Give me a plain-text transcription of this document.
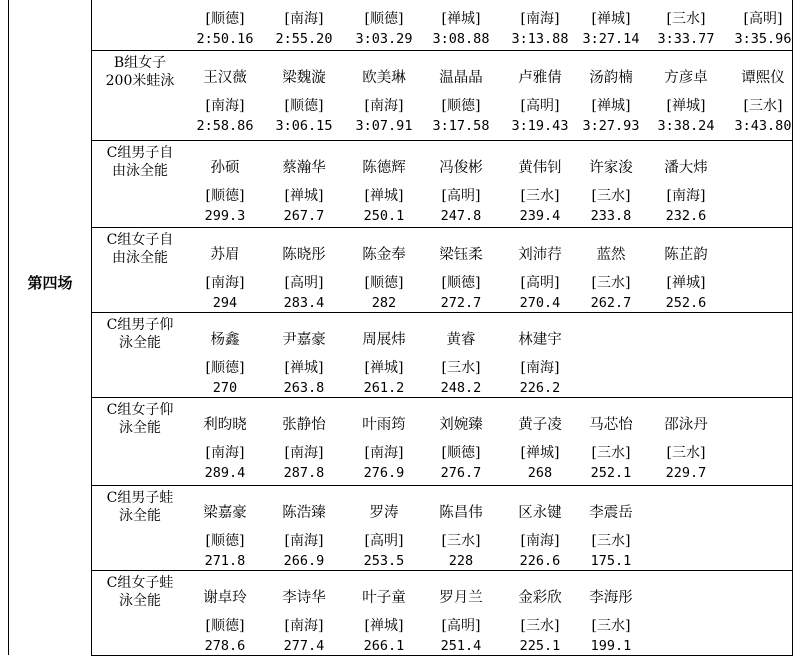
第四场
[顺德]	[南海]	[顺德]	[禅城]	[南海]	[禅城]	[三水]	[高明]
2:50.16	2:55.20	3:03.29	3:08.88	3:13.88	3:27.14	3:33.77	3:35.96
B组女子
200米蛙泳	王汉薇	梁魏漩	欧美琳	温晶晶	卢雅倩	汤韵楠	方彦卓	谭熙仪
[南海]	[顺德]	[南海]	[顺德]	[高明]	[禅城]	[禅城]	[三水]
2:58.86	3:06.15	3:07.91	3:17.58	3:19.43	3:27.93	3:38.24	3:43.80
C组男子自
由泳全能	孙硕	蔡瀚华	陈德辉	冯俊彬	黄伟钊	许家浚	潘大炜
[顺德]	[禅城]	[禅城]	[高明]	[三水]	[三水]	[南海]
299.3	267.7	250.1	247.8	239.4	233.8	232.6
C组女子自
由泳全能	苏眉	陈晓彤	陈金奉	梁钰柔	刘沛荇	蓝然	陈芷韵
[南海]	[高明]	[顺德]	[顺德]	[高明]	[三水]	[禅城]
294	283.4	282	272.7	270.4	262.7	252.6
C组男子仰
泳全能	杨鑫	尹嘉豪	周展炜	黄睿	林建宇
[顺德]	[禅城]	[禅城]	[三水]	[南海]
270	263.8	261.2	248.2	226.2
C组女子仰
泳全能	利昀晓	张静怡	叶雨筠	刘婉臻	黄子凌	马芯怡	邵泳丹
[南海]	[南海]	[南海]	[顺德]	[禅城]	[三水]	[三水]
289.4	287.8	276.9	276.7	268	252.1	229.7
C组男子蛙
泳全能	梁嘉豪	陈浩臻	罗涛	陈昌伟	区永键	李震岳
[顺德]	[南海]	[高明]	[三水]	[南海]	[三水]
271.8	266.9	253.5	228	226.6	175.1
C组女子蛙
泳全能	谢卓玲	李诗华	叶子童	罗月兰	金彩欣	李海彤
[顺德]	[南海]	[禅城]	[高明]	[三水]	[三水]
278.6	277.4	266.1	251.4	225.1	199.1
